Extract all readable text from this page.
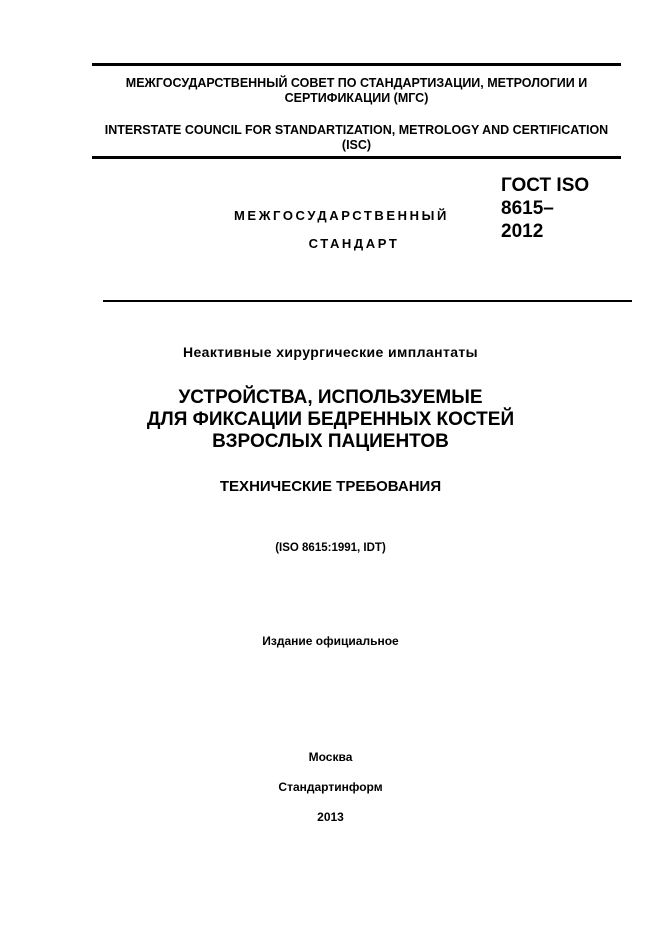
МЕЖГОСУДАРСТВЕННЫЙ СОВЕТ ПО СТАНДАРТИЗАЦИИ, МЕТРОЛОГИИ И СЕРТИФИКАЦИИ (МГС)
INTERSTATE COUNCIL FOR STANDARTIZATION, METROLOGY AND CERTIFICATION (ISC)
МЕЖГОСУДАРСТВЕННЫЙ
СТАНДАРТ
ГОСТ ISO
8615–
2012
Неактивные хирургические имплантаты
УСТРОЙСТВА, ИСПОЛЬЗУЕМЫЕ
ДЛЯ ФИКСАЦИИ БЕДРЕННЫХ КОСТЕЙ
ВЗРОСЛЫХ ПАЦИЕНТОВ
ТЕХНИЧЕСКИЕ ТРЕБОВАНИЯ
(ISO 8615:1991, IDT)
Издание официальное
Москва
Стандартинформ
2013
